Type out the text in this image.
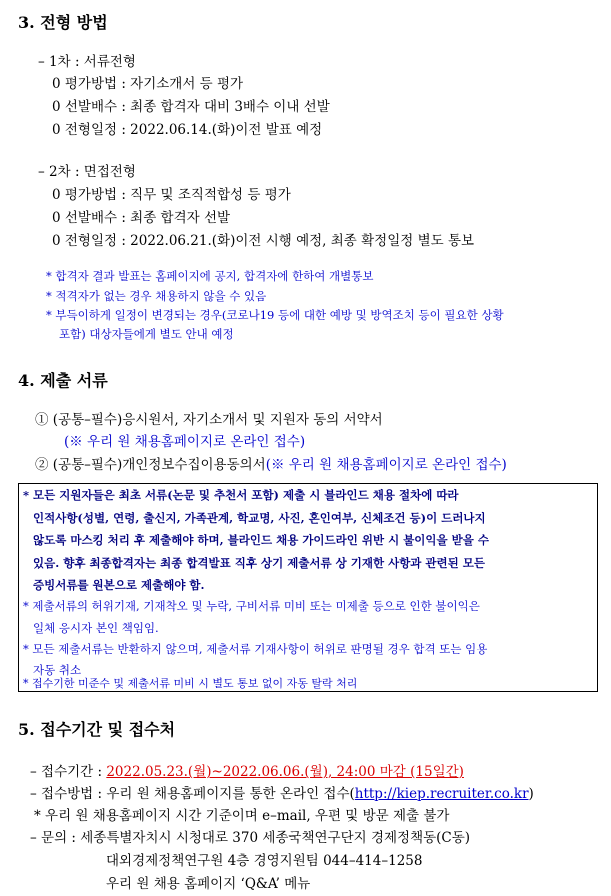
3. 전형 방법
– 1차 : 서류전형
0 평가방법 : 자기소개서 등 평가
0 선발배수 : 최종 합격자 대비 3배수 이내 선발
0 전형일정 : 2022.06.14.(화)이전 발표 예정
– 2차 : 면접전형
0 평가방법 : 직무 및 조직적합성 등 평가
0 선발배수 : 최종 합격자 선발
0 전형일정 : 2022.06.21.(화)이전 시행 예정, 최종 확정일정 별도 통보
* 합격자 결과 발표는 홈페이지에 공지, 합격자에 한하여 개별통보
* 적격자가 없는 경우 채용하지 않을 수 있음
* 부득이하게 일정이 변경되는 경우(코로나19 등에 대한 예방 및 방역조치 등이 필요한 상황
포함) 대상자들에게 별도 안내 예정
4. 제출 서류
① (공통–필수)응시원서, 자기소개서 및 지원자 동의 서약서
(※ 우리 원 채용홈페이지로 온라인 접수)
② (공통–필수)개인정보수집이용동의서(※ 우리 원 채용홈페이지로 온라인 접수)
* 모든 지원자들은 최초 서류(논문 및 추천서 포함) 제출 시 블라인드 채용 절차에 따라
인적사항(성별, 연령, 출신지, 가족관계, 학교명, 사진, 혼인여부, 신체조건 등)이 드러나지
않도록 마스킹 처리 후 제출해야 하며, 블라인드 채용 가이드라인 위반 시 불이익을 받을 수
있음. 향후 최종합격자는 최종 합격발표 직후 상기 제출서류 상 기재한 사항과 관련된 모든
증빙서류를 원본으로 제출해야 함.
* 제출서류의 허위기재, 기재착오 및 누락, 구비서류 미비 또는 미제출 등으로 인한 불이익은
일체 응시자 본인 책임임.
* 모든 제출서류는 반환하지 않으며, 제출서류 기재사항이 허위로 판명될 경우 합격 또는 임용
자동 취소
* 접수기한 미준수 및 제출서류 미비 시 별도 통보 없이 자동 탈락 처리
5. 접수기간 및 접수처
– 접수기간 : 2022.05.23.(월)~2022.06.06.(월), 24:00 마감 (15일간)
– 접수방법 : 우리 원 채용홈페이지를 통한 온라인 접수(http://kiep.recruiter.co.kr)
* 우리 원 채용홈페이지 시간 기준이며 e–mail, 우편 및 방문 제출 불가
– 문의 : 세종특별자치시 시청대로 370 세종국책연구단지 경제정책동(C동)
대외경제정책연구원 4층 경영지원팀 044–414–1258
우리 원 채용 홈페이지 ‘Q&A’ 메뉴
